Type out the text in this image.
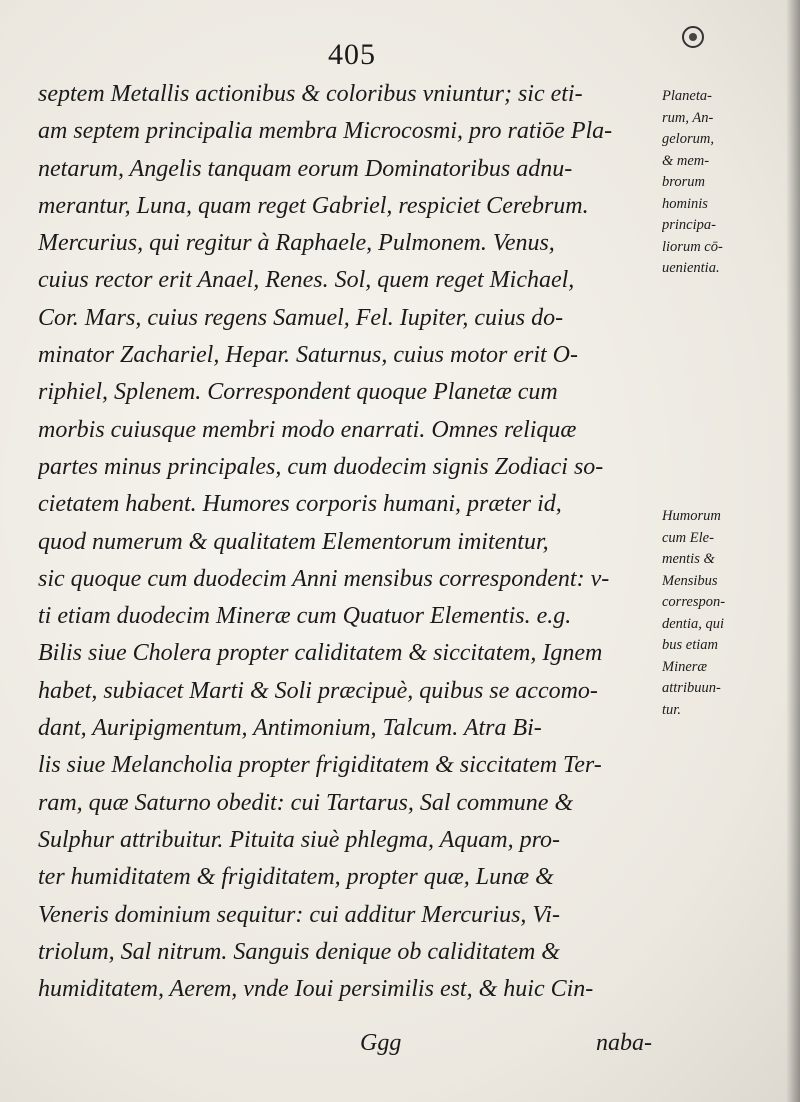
405
septem Metallis actionibus & coloribus vniuntur; sic eti-
am septem principalia membra Microcosmi, pro ratiōe Pla-
netarum, Angelis tanquam eorum Dominatoribus adnu-
merantur, Luna, quam reget Gabriel, respiciet Cerebrum.
Mercurius, qui regitur à Raphaele, Pulmonem. Venus,
cuius rector erit Anael, Renes. Sol, quem reget Michael,
Cor. Mars, cuius regens Samuel, Fel. Iupiter, cuius do-
minator Zachariel, Hepar. Saturnus, cuius motor erit O-
riphiel, Splenem. Correspondent quoque Planetæ cum
morbis cuiusque membri modo enarrati. Omnes reliquæ
partes minus principales, cum duodecim signis Zodiaci so-
cietatem habent. Humores corporis humani, præter id,
quod numerum & qualitatem Elementorum imitentur,
sic quoque cum duodecim Anni mensibus correspondent: v-
ti etiam duodecim Mineræ cum Quatuor Elementis. e.g.
Bilis siue Cholera propter caliditatem & siccitatem, Ignem
habet, subiacet Marti & Soli præcipuè, quibus se accomo-
dant, Auripigmentum, Antimonium, Talcum. Atra Bi-
lis siue Melancholia propter frigiditatem & siccitatem Ter-
ram, quæ Saturno obedit: cui Tartarus, Sal commune &
Sulphur attribuitur. Pituita siuè phlegma, Aquam, pro-
ter humiditatem & frigiditatem, propter quæ, Lunæ &
Veneris dominium sequitur: cui additur Mercurius, Vi-
triolum, Sal nitrum. Sanguis denique ob caliditatem &
humiditatem, Aerem, vnde Ioui persimilis est, & huic Cin-
Planeta-
rum, An-
gelorum,
& mem-
brorum
hominis
principa-
liorum cō-
uenientia.
Humorum
cum Ele-
mentis &
Mensibus
correspon-
dentia, qui
bus etiam
Mineræ
attribuun-
tur.
Ggg	naba-
